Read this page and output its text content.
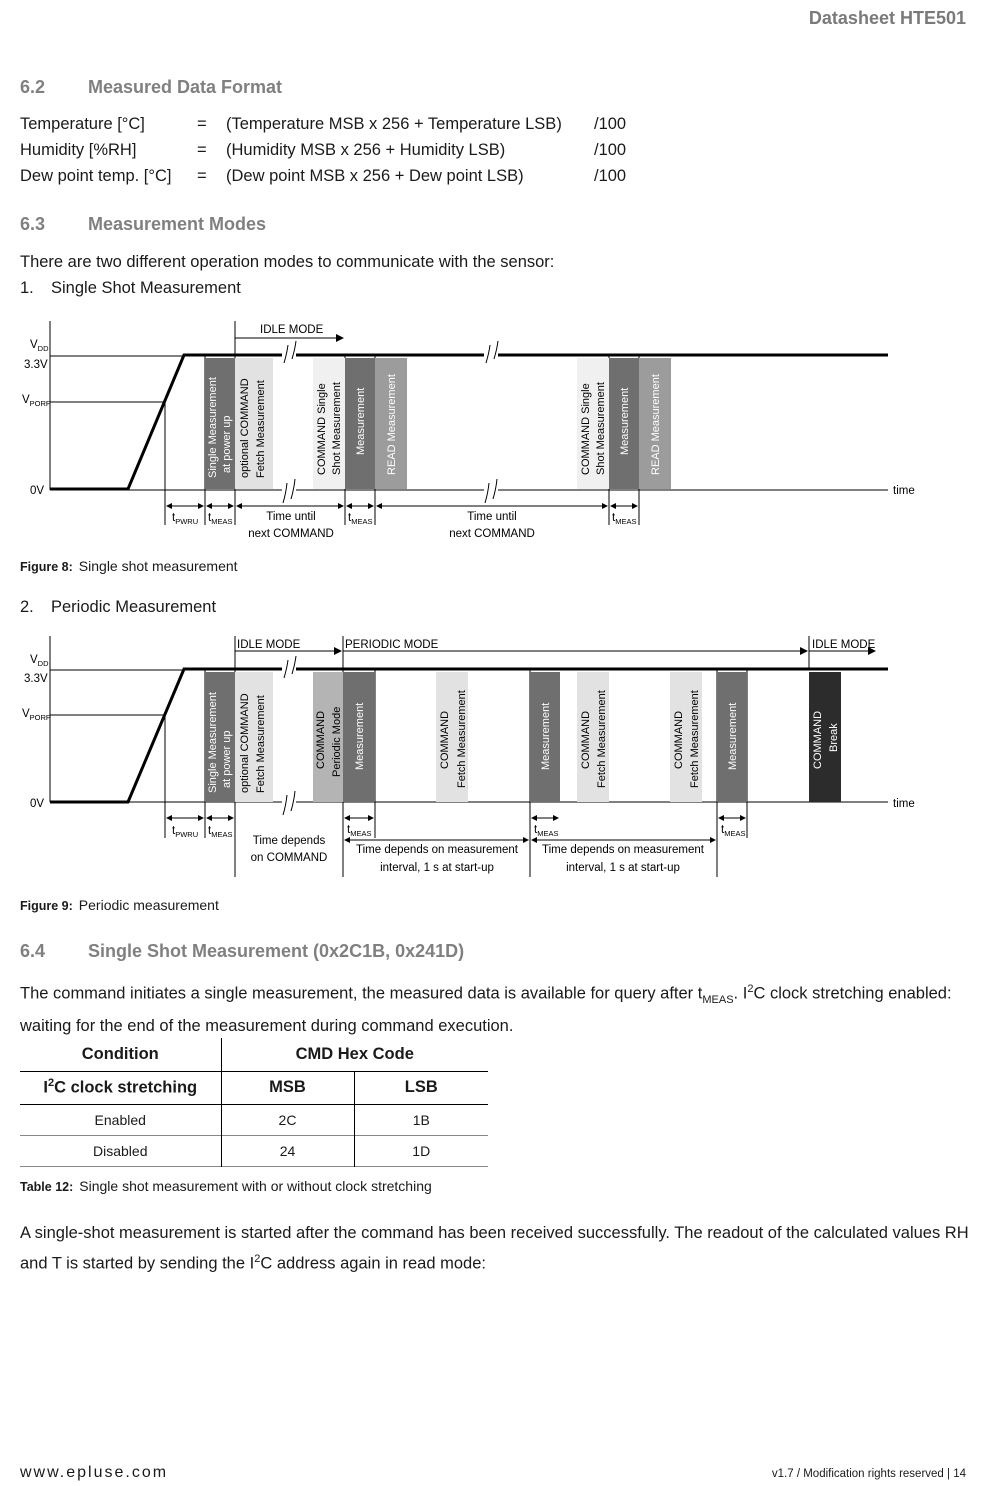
Datasheet HTE501
6.2 Measured Data Format
Temperature [°C]	= (Temperature MSB x 256 + Temperature LSB) /100
Humidity [%RH]	= (Humidity MSB x 256 + Humidity LSB)	/100
Dew point temp. [°C] = (Dew point MSB x 256 + Dew point LSB)	/100
6.3 Measurement Modes
There are two different operation modes to communicate with the sensor:
1. Single Shot Measurement
$V_{DD}$
3.3V
$V_{PORP}$
0V	time
IDLE MODE
$t_{PWRU}$ $t_{MEAS}$	$t_{MEAS}$	$t_{MEAS}$
Time until
next COMMAND
Time until
next COMMAND
Single Measurement at power up optional COMMAND Fetch Measurement	COMMAND Single Shot Measurement Measurement READ Measurement	COMMAND Single Shot Measurement Measurement READ Measurement
Figure 8: Single shot measurement
2. Periodic Measurement
$V_{DD}$
3.3V
$V_{PORP}$
0V	time
IDLE MODE	PERIODIC MODE	IDLE MODE
$t_{PWRU}$ $t_{MEAS}$	$t_{MEAS}$	$t_{MEAS}$	$t_{MEAS}$
Time depends
on COMMAND
Time depends on measurement
interval, 1 s at start-up
Time depends on measurement
interval, 1 s at start-up
Single Measurement at power up optional COMMAND Fetch Measurement	COMMAND Periodic Mode Measurement	COMMAND Fetch Measurement	Measurement	COMMAND Fetch Measurement	COMMAND Fetch Measurement Measurement	COMMAND Break
Figure 9: Periodic measurement
6.4 Single Shot Measurement (0x2C1B, 0x241D)
The command initiates a single measurement, the measured data is available for query after $t_{MEAS}$. $I^2C$ clock stretching enabled: waiting for the end of the measurement during command execution.
Condition	CMD Hex Code	
$I^2C$ clock stretching	MSB	LSB
Enabled	2C	1B
Disabled	24	1D
Table 12: Single shot measurement with or without clock stretching
A single-shot measurement is started after the command has been received successfully. The readout of the calculated values RH and T is started by sending the $I^2C$ address again in read mode:
www.epluse.com	v1.7 / Modification rights reserved | 14
